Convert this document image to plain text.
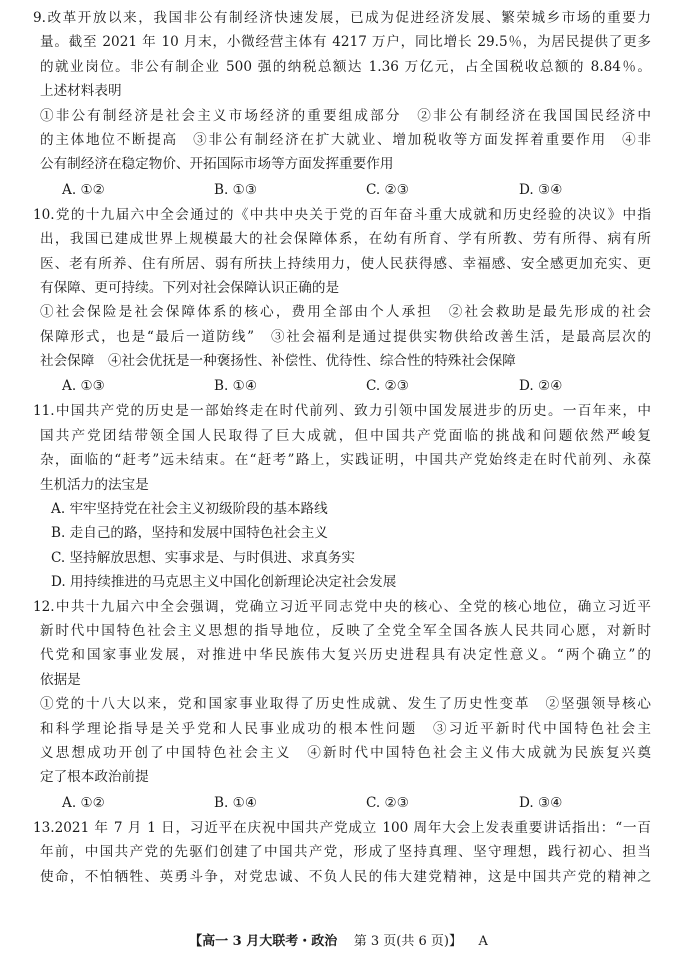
9.改革开放以来，我国非公有制经济快速发展，已成为促进经济发展、繁荣城乡市场的重要力
量。截至 2021 年 10 月末，小微经营主体有 4217 万户，同比增长 29.5％，为居民提供了更多
的就业岗位。非公有制企业 500 强的纳税总额达 1.36 万亿元，占全国税收总额的 8.84％。
上述材料表明
①非公有制经济是社会主义市场经济的重要组成部分　②非公有制经济在我国国民经济中
的主体地位不断提高　③非公有制经济在扩大就业、增加税收等方面发挥着重要作用　④非
公有制经济在稳定物价、开拓国际市场等方面发挥重要作用
A. ①②	B. ①③	C. ②③	D. ③④
10.党的十九届六中全会通过的《中共中央关于党的百年奋斗重大成就和历史经验的决议》中指
出，我国已建成世界上规模最大的社会保障体系，在幼有所育、学有所教、劳有所得、病有所
医、老有所养、住有所居、弱有所扶上持续用力，使人民获得感、幸福感、安全感更加充实、更
有保障、更可持续。下列对社会保障认识正确的是
①社会保险是社会保障体系的核心，费用全部由个人承担　②社会救助是最先形成的社会
保障形式，也是“最后一道防线”　③社会福利是通过提供实物供给改善生活，是最高层次的
社会保障　④社会优抚是一种褒扬性、补偿性、优待性、综合性的特殊社会保障
A. ①③	B. ①④	C. ②③	D. ②④
11.中国共产党的历史是一部始终走在时代前列、致力引领中国发展进步的历史。一百年来，中
国共产党团结带领全国人民取得了巨大成就，但中国共产党面临的挑战和问题依然严峻复
杂，面临的“赶考”远未结束。在“赶考”路上，实践证明，中国共产党始终走在时代前列、永葆
生机活力的法宝是
A. 牢牢坚持党在社会主义初级阶段的基本路线
B. 走自己的路，坚持和发展中国特色社会主义
C. 坚持解放思想、实事求是、与时俱进、求真务实
D. 用持续推进的马克思主义中国化创新理论决定社会发展
12.中共十九届六中全会强调，党确立习近平同志党中央的核心、全党的核心地位，确立习近平
新时代中国特色社会主义思想的指导地位，反映了全党全军全国各族人民共同心愿，对新时
代党和国家事业发展，对推进中华民族伟大复兴历史进程具有决定性意义。“两个确立”的
依据是
①党的十八大以来，党和国家事业取得了历史性成就、发生了历史性变革　②坚强领导核心
和科学理论指导是关乎党和人民事业成功的根本性问题　③习近平新时代中国特色社会主
义思想成功开创了中国特色社会主义　④新时代中国特色社会主义伟大成就为民族复兴奠
定了根本政治前提
A. ①②	B. ①④	C. ②③	D. ③④
13.2021 年 7 月 1 日，习近平在庆祝中国共产党成立 100 周年大会上发表重要讲话指出：“一百
年前，中国共产党的先驱们创建了中国共产党，形成了坚持真理、坚守理想，践行初心、担当
使命，不怕牺牲、英勇斗争，对党忠诚、不负人民的伟大建党精神，这是中国共产党的精神之
【高一 3 月大联考・政治 第 3 页(共 6 页)】 A
